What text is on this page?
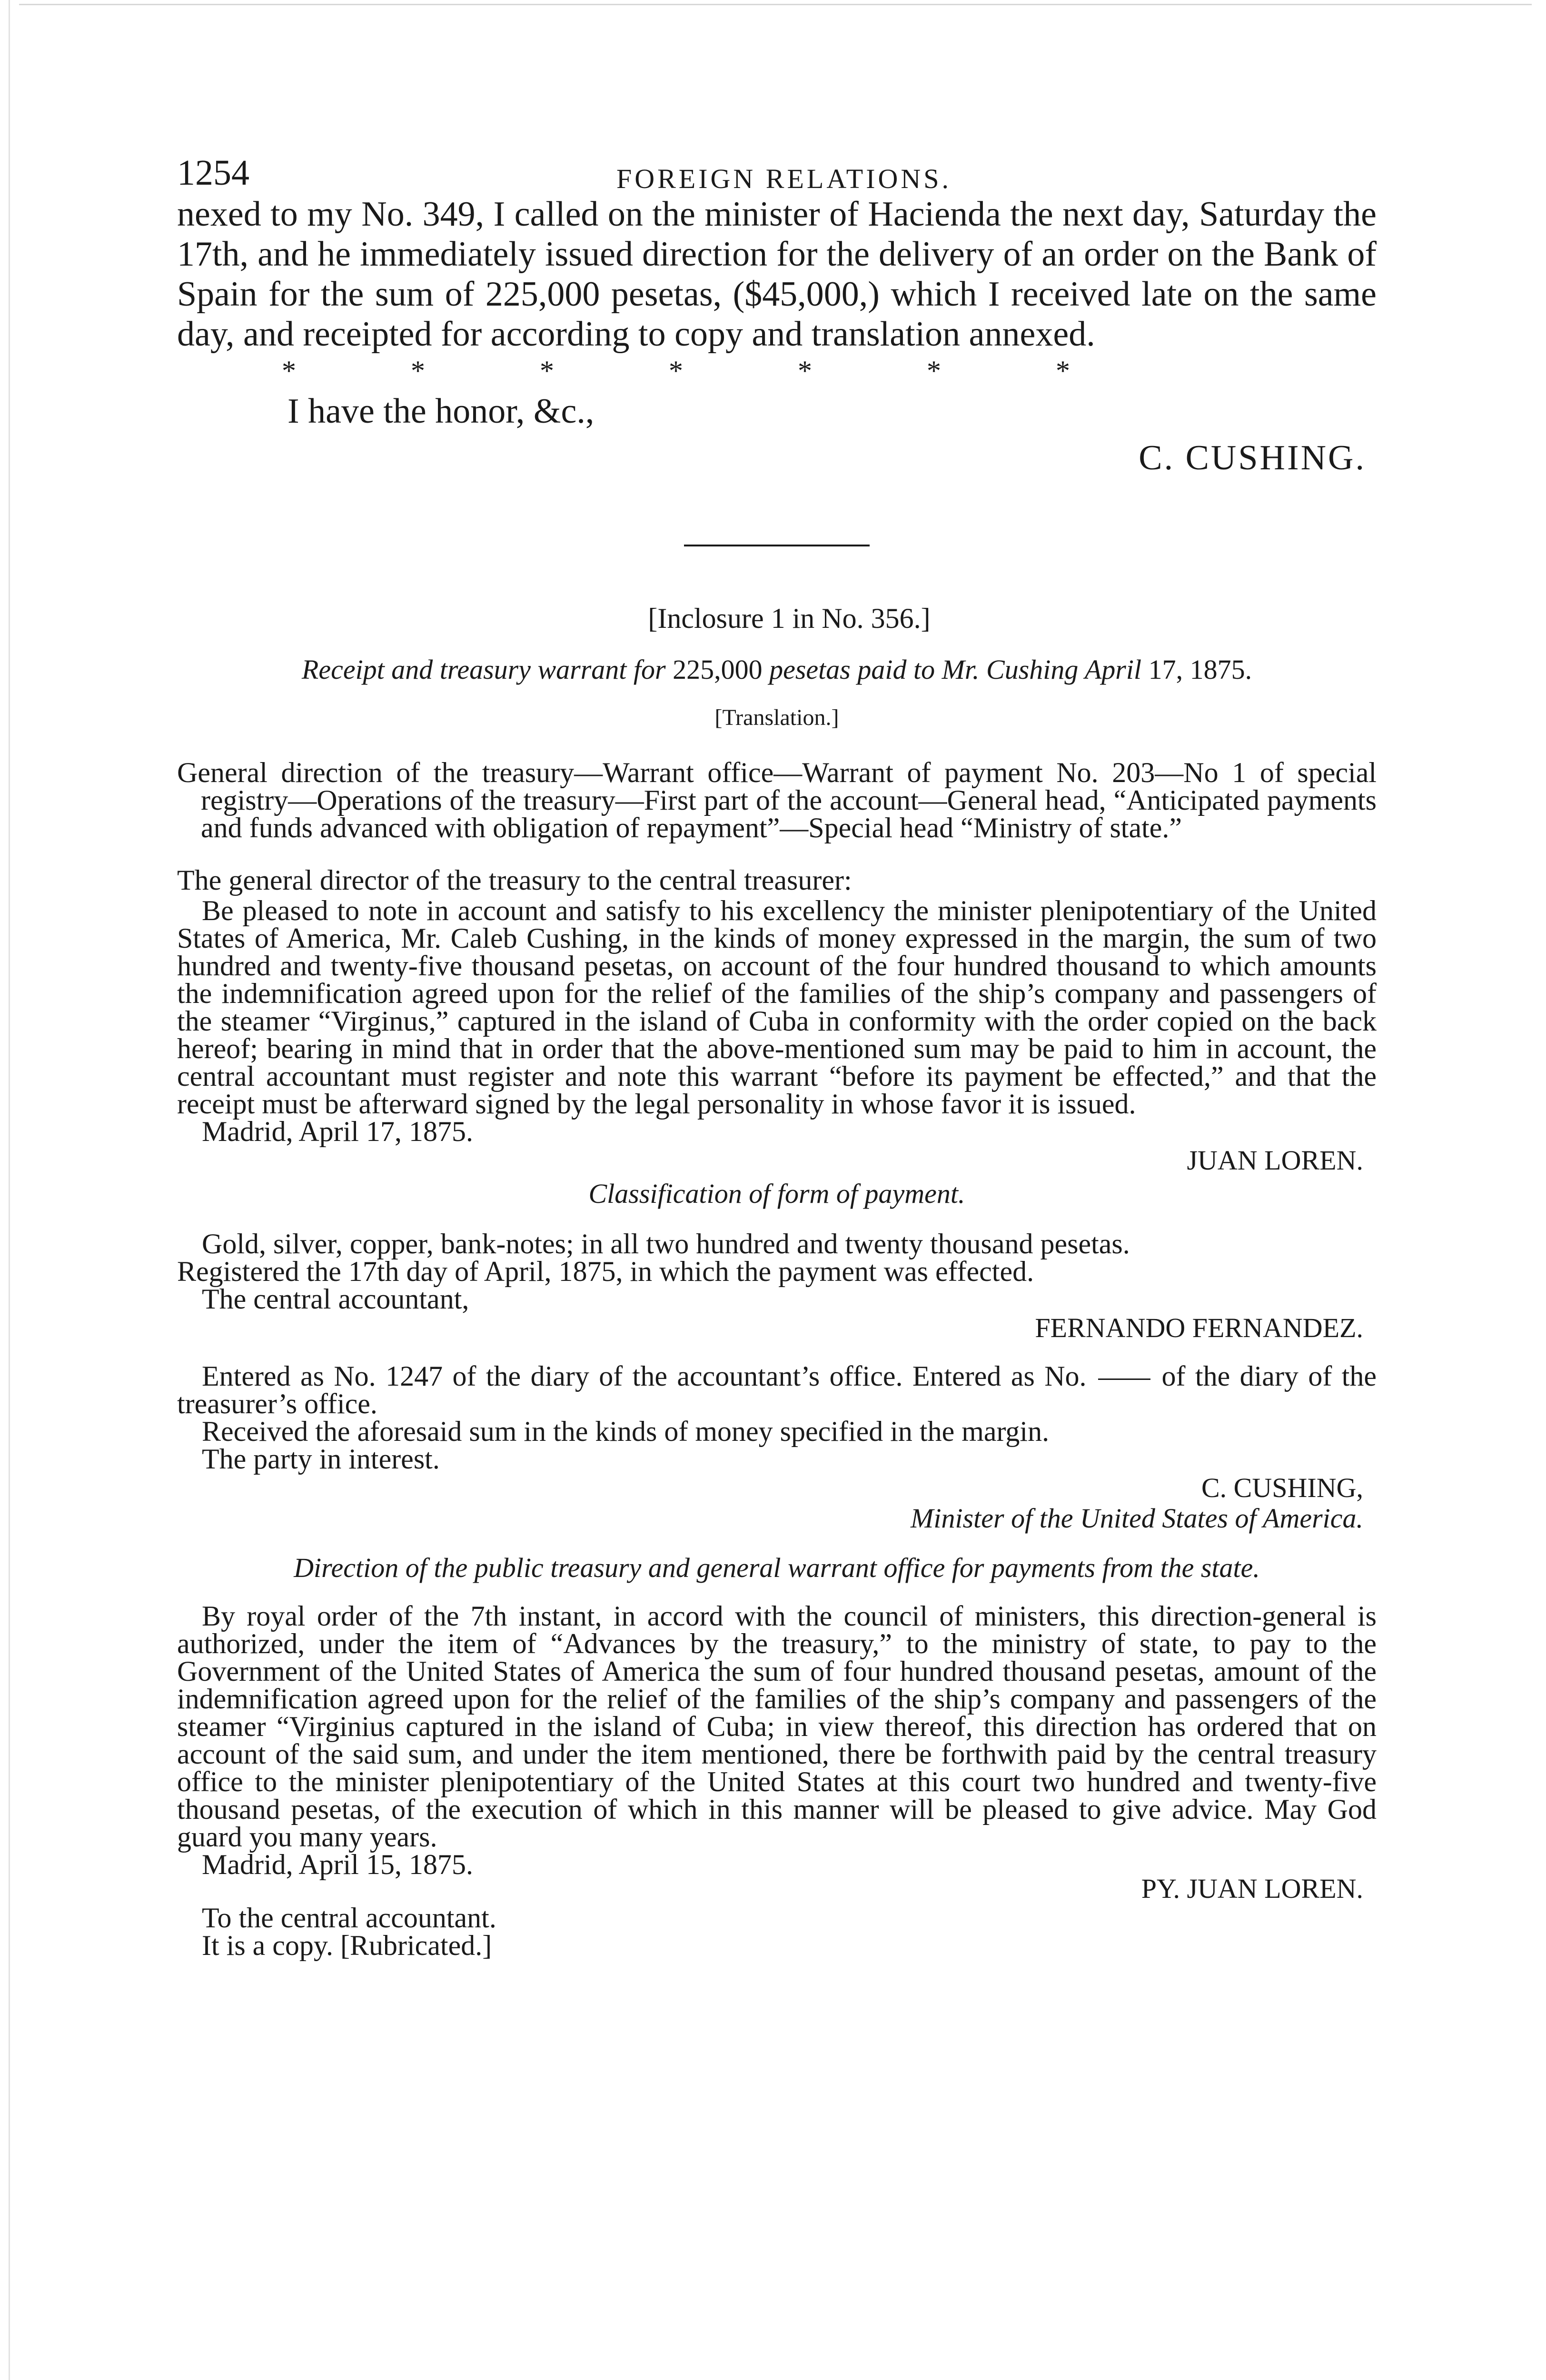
1254	FOREIGN RELATIONS.

nexed to my No. 349, I called on the minister of Hacienda the next day, Saturday the 17th, and he immediately issued direction for the delivery of an order on the Bank of Spain for the sum of 225,000 pesetas, ($45,000,) which I received late on the same day, and receipted for according to copy and translation annexed.

* * * * * * *
I have the honor, &c.,
C. CUSHING.
[Inclosure 1 in No. 356.]
Receipt and treasury warrant for 225,000 pesetas paid to Mr. Cushing April 17, 1875.
[Translation.]

General direction of the treasury—Warrant office—Warrant of payment No. 203—No 1 of special registry—Operations of the treasury—First part of the account—General head, “Anticipated payments and funds advanced with obligation of repayment”—Special head “Ministry of state.”

The general director of the treasury to the central treasurer:

Be pleased to note in account and satisfy to his excellency the minister plenipotentiary of the United States of America, Mr. Caleb Cushing, in the kinds of money expressed in the margin, the sum of two hundred and twenty-five thousand pesetas, on account of the four hundred thousand to which amounts the indemnification agreed upon for the relief of the families of the ship’s company and passengers of the steamer “Virginus,” captured in the island of Cuba in conformity with the order copied on the back hereof; bearing in mind that in order that the above-mentioned sum may be paid to him in account, the central accountant must register and note this warrant “before its payment be effected,” and that the receipt must be afterward signed by the legal personality in whose favor it is issued.

Madrid, April 17, 1875.

JUAN LOREN.
Classification of form of payment.

Gold, silver, copper, bank-notes; in all two hundred and twenty thousand pesetas.

Registered the 17th day of April, 1875, in which the payment was effected.

The central accountant,

FERNANDO FERNANDEZ.

Entered as No. 1247 of the diary of the accountant’s office. Entered as No.	of the diary of the treasurer’s office.

Received the aforesaid sum in the kinds of money specified in the margin.

The party in interest.

C. CUSHING,
Minister of the United States of America.
Direction of the public treasury and general warrant office for payments from the state.

By royal order of the 7th instant, in accord with the council of ministers, this direction-general is authorized, under the item of “Advances by the treasury,” to the ministry of state, to pay to the Government of the United States of America the sum of four hundred thousand pesetas, amount of the indemnification agreed upon for the relief of the families of the ship’s company and passengers of the steamer “Virginius captured in the island of Cuba; in view thereof, this direction has ordered that on account of the said sum, and under the item mentioned, there be forthwith paid by the central treasury office to the minister plenipotentiary of the United States at this court two hundred and twenty-five thousand pesetas, of the execution of which in this manner will be pleased to give advice. May God guard you many years.

Madrid, April 15, 1875.

PY. JUAN LOREN.

To the central accountant.

It is a copy. [Rubricated.]
